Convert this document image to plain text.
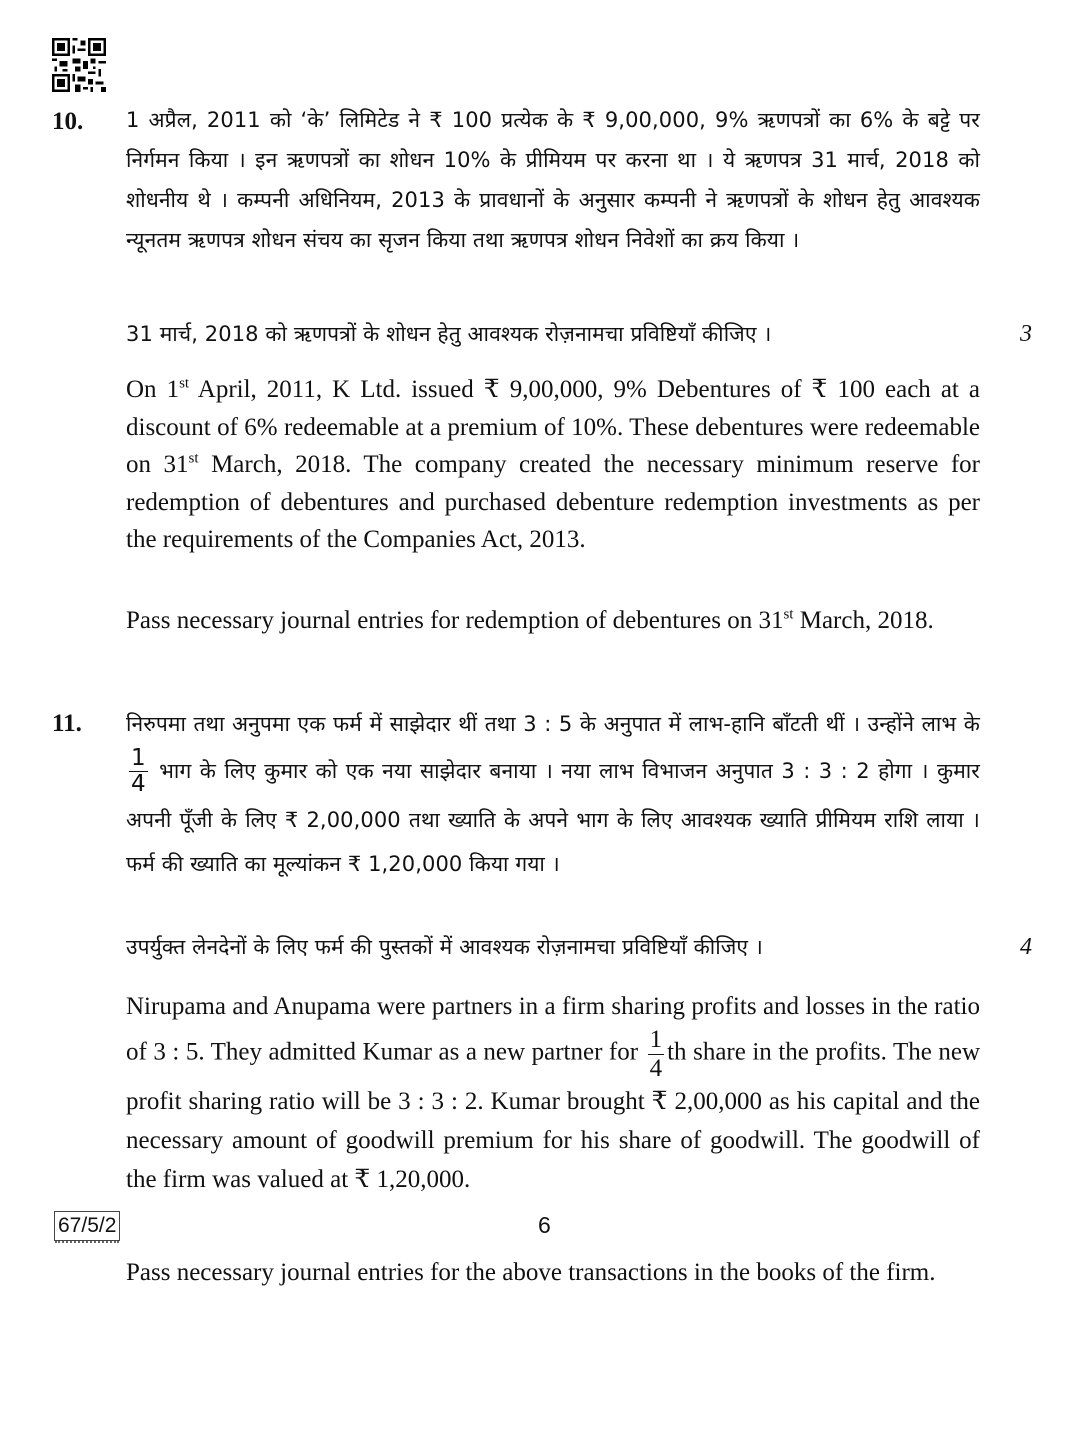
10. 1 अप्रैल, 2011 को ‘के’ लिमिटेड ने ₹ 100 प्रत्येक के ₹ 9,00,000, 9% ऋणपत्रों का 6% के बट्टे पर निर्गमन किया । इन ऋणपत्रों का शोधन 10% के प्रीमियम पर करना था । ये ऋणपत्र 31 मार्च, 2018 को शोधनीय थे । कम्पनी अधिनियम, 2013 के प्रावधानों के अनुसार कम्पनी ने ऋणपत्रों के शोधन हेतु आवश्यक न्यूनतम ऋणपत्र शोधन संचय का सृजन किया तथा ऋणपत्र शोधन निवेशों का क्रय किया ।
31 मार्च, 2018 को ऋणपत्रों के शोधन हेतु आवश्यक रोज़नामचा प्रविष्टियाँ कीजिए ।	3
On 1st April, 2011, K Ltd. issued ₹ 9,00,000, 9% Debentures of ₹ 100 each at a discount of 6% redeemable at a premium of 10%. These debentures were redeemable on 31st March, 2018. The company created the necessary minimum reserve for redemption of debentures and purchased debenture redemption investments as per the requirements of the Companies Act, 2013.
Pass necessary journal entries for redemption of debentures on 31st March, 2018.
11. निरुपमा तथा अनुपमा एक फर्म में साझेदार थीं तथा 3 : 5 के अनुपात में लाभ-हानि बाँटती थीं । उन्होंने लाभ के
$\frac{1}{4}$ भाग के लिए कुमार को एक नया साझेदार बनाया । नया लाभ विभाजन अनुपात 3 : 3 : 2 होगा । कुमार अपनी पूँजी के लिए ₹ 2,00,000 तथा ख्याति के अपने भाग के लिए आवश्यक ख्याति प्रीमियम राशि लाया । फर्म की ख्याति का मूल्यांकन ₹ 1,20,000 किया गया ।
उपर्युक्त लेनदेनों के लिए फर्म की पुस्तकों में आवश्यक रोज़नामचा प्रविष्टियाँ कीजिए ।	4
Nirupama and Anupama were partners in a firm sharing profits and losses in the ratio of 3 : 5. They admitted Kumar as a new partner for $\frac{1}{4}$ th share in the profits. The new profit sharing ratio will be 3 : 3 : 2. Kumar brought ₹ 2,00,000 as his capital and the necessary amount of goodwill premium for his share of goodwill. The goodwill of the firm was valued at ₹ 1,20,000.
Pass necessary journal entries for the above transactions in the books of the firm.
67/5/2	6
